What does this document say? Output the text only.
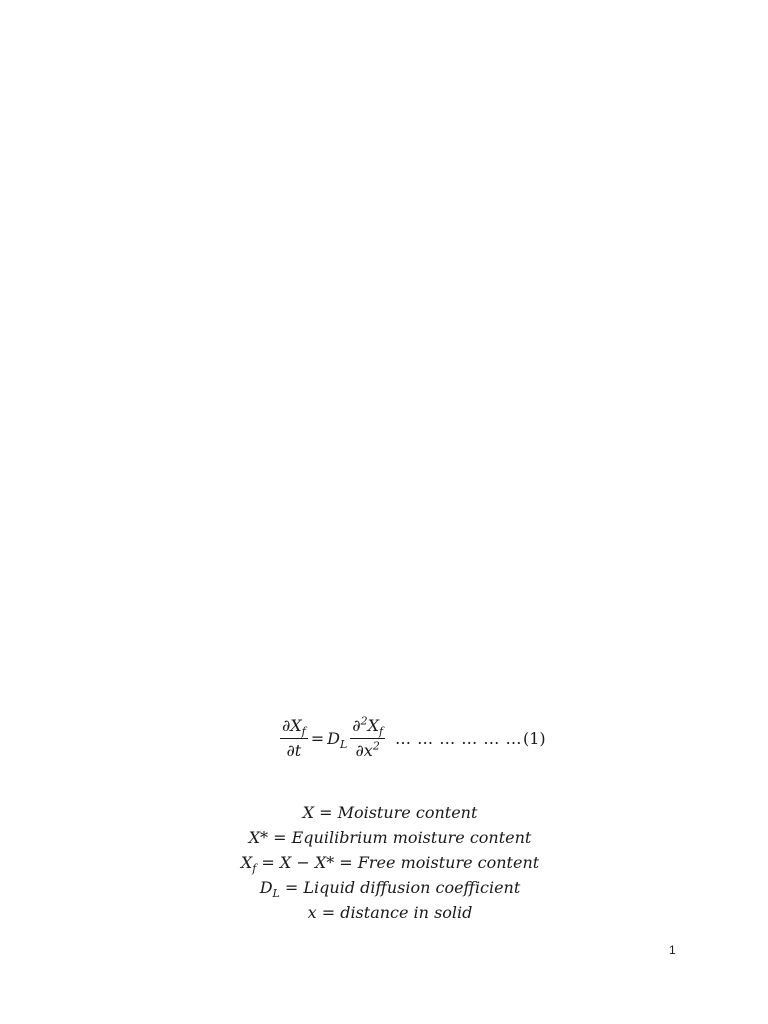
$\frac{\partial X_f}{\partial t} = D_L \frac{\partial^2X_f}{\partial x^2}$ … … … … … … (1)
X = Moisture content
X* = Equilibrium moisture content
$X_f = X - X*$ = Free moisture content
$D_L$ = Liquid diffusion coefficient
x = distance in solid
1
